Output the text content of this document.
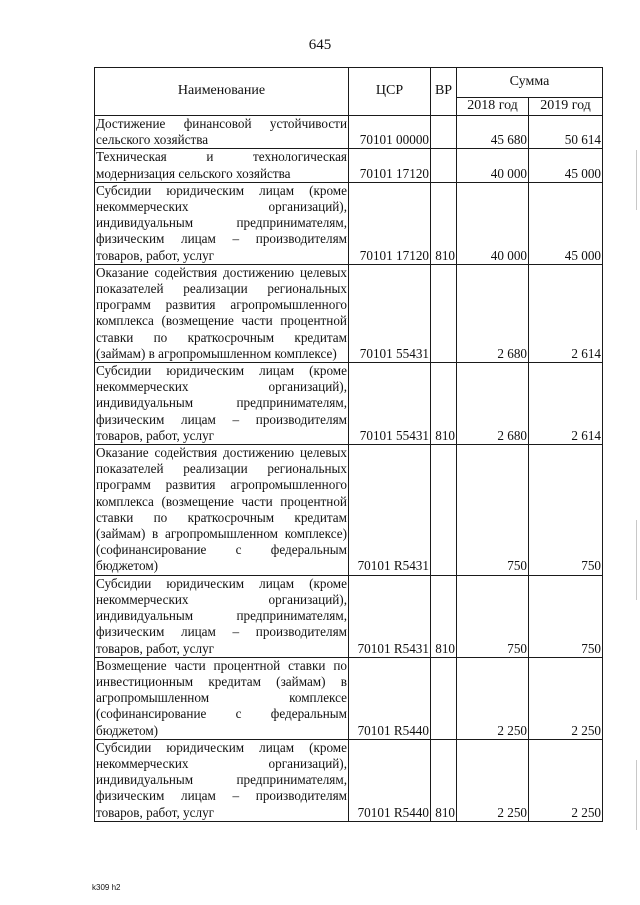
645
Наименование	ЦСР	ВР	Сумма	
			2018 год	2019 год
Достижение финансовой устойчивости сельского хозяйства	70101 00000		45 680	50 614
Техническая и технологическая модернизация сельского хозяйства	70101 17120		40 000	45 000
Субсидии юридическим лицам (кроме некоммерческих организаций), индивидуальным предпринимателям, физическим лицам – производителям товаров, работ, услуг	70101 17120	810	40 000	45 000
Оказание содействия достижению целевых показателей реализации региональных программ развития агропромышленного комплекса (возмещение части процентной ставки по краткосрочным кредитам (займам) в агропромышленном комплексе)	70101 55431		2 680	2 614
Субсидии юридическим лицам (кроме некоммерческих организаций), индивидуальным предпринимателям, физическим лицам – производителям товаров, работ, услуг	70101 55431	810	2 680	2 614
Оказание содействия достижению целевых показателей реализации региональных программ развития агропромышленного комплекса (возмещение части процентной ставки по краткосрочным кредитам (займам) в агропромышленном комплексе) (софинансирование с федеральным бюджетом)	70101 R5431		750	750
Субсидии юридическим лицам (кроме некоммерческих организаций), индивидуальным предпринимателям, физическим лицам – производителям товаров, работ, услуг	70101 R5431	810	750	750
Возмещение части процентной ставки по инвестиционным кредитам (займам) в агропромышленном комплексе (софинансирование с федеральным бюджетом)	70101 R5440		2 250	2 250
Субсидии юридическим лицам (кроме некоммерческих организаций), индивидуальным предпринимателям, физическим лицам – производителям товаров, работ, услуг	70101 R5440	810	2 250	2 250
k309 h2
